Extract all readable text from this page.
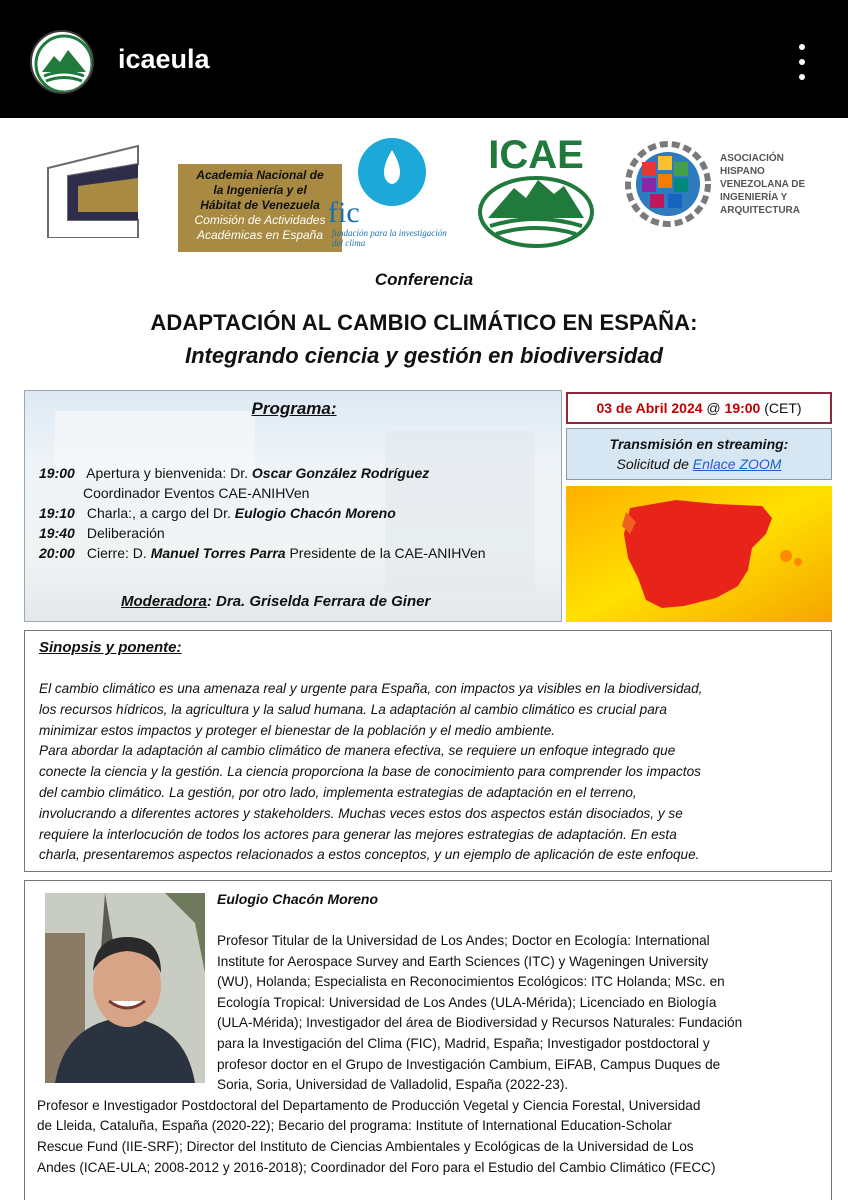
icaeula
Academia Nacional de
la Ingeniería y el
Hábitat de Venezuela
Comisión de Actividades
Académicas en España
fic
fundación para la investigación del clima
ICAE	ASOCIACIÓN
HISPANO
VENEZOLANA DE
INGENIERÍA Y
ARQUITECTURA
Conferencia
ADAPTACIÓN AL CAMBIO CLIMÁTICO EN ESPAÑA:
Integrando ciencia y gestión en biodiversidad
Programa:
19:00 Apertura y bienvenida: Dr. Oscar González Rodríguez
Coordinador Eventos CAE-ANIHVen
19:10 Charla:, a cargo del Dr. Eulogio Chacón Moreno
19:40 Deliberación
20:00 Cierre: D. Manuel Torres Parra Presidente de la CAE-ANIHVen
Moderadora: Dra. Griselda Ferrara de Giner
03 de Abril 2024 @ 19:00 (CET)
Transmisión en streaming:
Solicitud de Enlace ZOOM
Sinopsis y ponente:
El cambio climático es una amenaza real y urgente para España, con impactos ya visibles en la biodiversidad,
los recursos hídricos, la agricultura y la salud humana. La adaptación al cambio climático es crucial para
minimizar estos impactos y proteger el bienestar de la población y el medio ambiente.
Para abordar la adaptación al cambio climático de manera efectiva, se requiere un enfoque integrado que
conecte la ciencia y la gestión. La ciencia proporciona la base de conocimiento para comprender los impactos
del cambio climático. La gestión, por otro lado, implementa estrategias de adaptación en el terreno,
involucrando a diferentes actores y stakeholders. Muchas veces estos dos aspectos están disociados, y se
requiere la interlocución de todos los actores para generar las mejores estrategias de adaptación. En esta
charla, presentaremos aspectos relacionados a estos conceptos, y un ejemplo de aplicación de este enfoque.
Eulogio Chacón Moreno
Profesor Titular de la Universidad de Los Andes; Doctor en Ecología: International
Institute for Aerospace Survey and Earth Sciences (ITC) y Wageningen University
(WU), Holanda; Especialista en Reconocimientos Ecológicos: ITC Holanda; MSc. en
Ecología Tropical: Universidad de Los Andes (ULA-Mérida); Licenciado en Biología
(ULA-Mérida); Investigador del área de Biodiversidad y Recursos Naturales: Fundación
para la Investigación del Clima (FIC), Madrid, España; Investigador postdoctoral y
profesor doctor en el Grupo de Investigación Cambium, EiFAB, Campus Duques de
Soria, Soria, Universidad de Valladolid, España (2022-23).
Profesor e Investigador Postdoctoral del Departamento de Producción Vegetal y Ciencia Forestal, Universidad
de Lleida, Cataluña, España (2020-22); Becario del programa: Institute of International Education-Scholar
Rescue Fund (IIE-SRF); Director del Instituto de Ciencias Ambientales y Ecológicas de la Universidad de Los
Andes (ICAE-ULA; 2008-2012 y 2016-2018); Coordinador del Foro para el Estudio del Cambio Climático (FECC)
